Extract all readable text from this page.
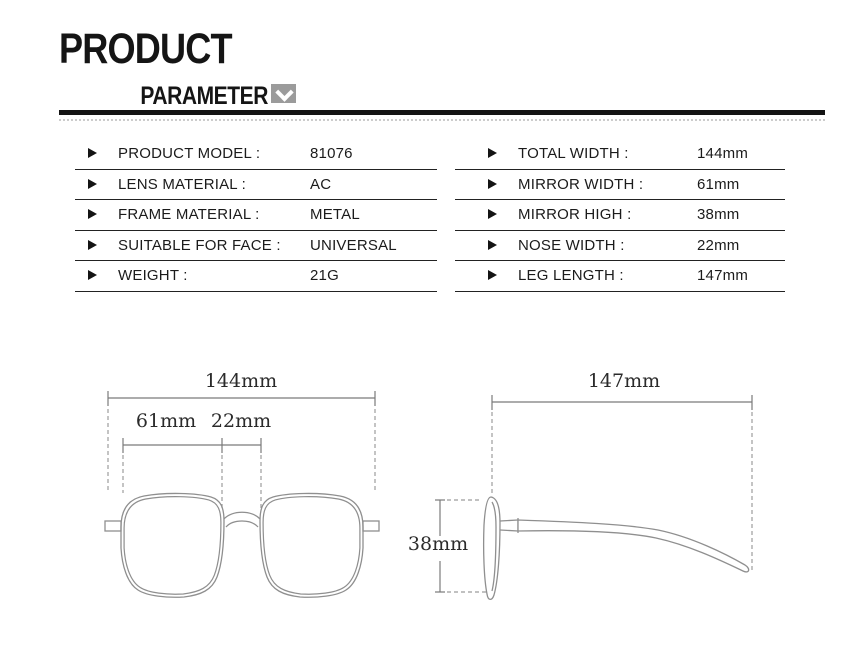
PRODUCT
PARAMETER
PRODUCT MODEL :	81076
LENS MATERIAL :	AC
FRAME MATERIAL :	METAL
SUITABLE FOR FACE : UNIVERSAL
WEIGHT :	21G
TOTAL WIDTH :	144mm
MIRROR WIDTH :	61mm
MIRROR HIGH :	38mm
NOSE WIDTH :	22mm
LEG LENGTH :	147mm
144mm
61mm 22mm
147mm
38mm
